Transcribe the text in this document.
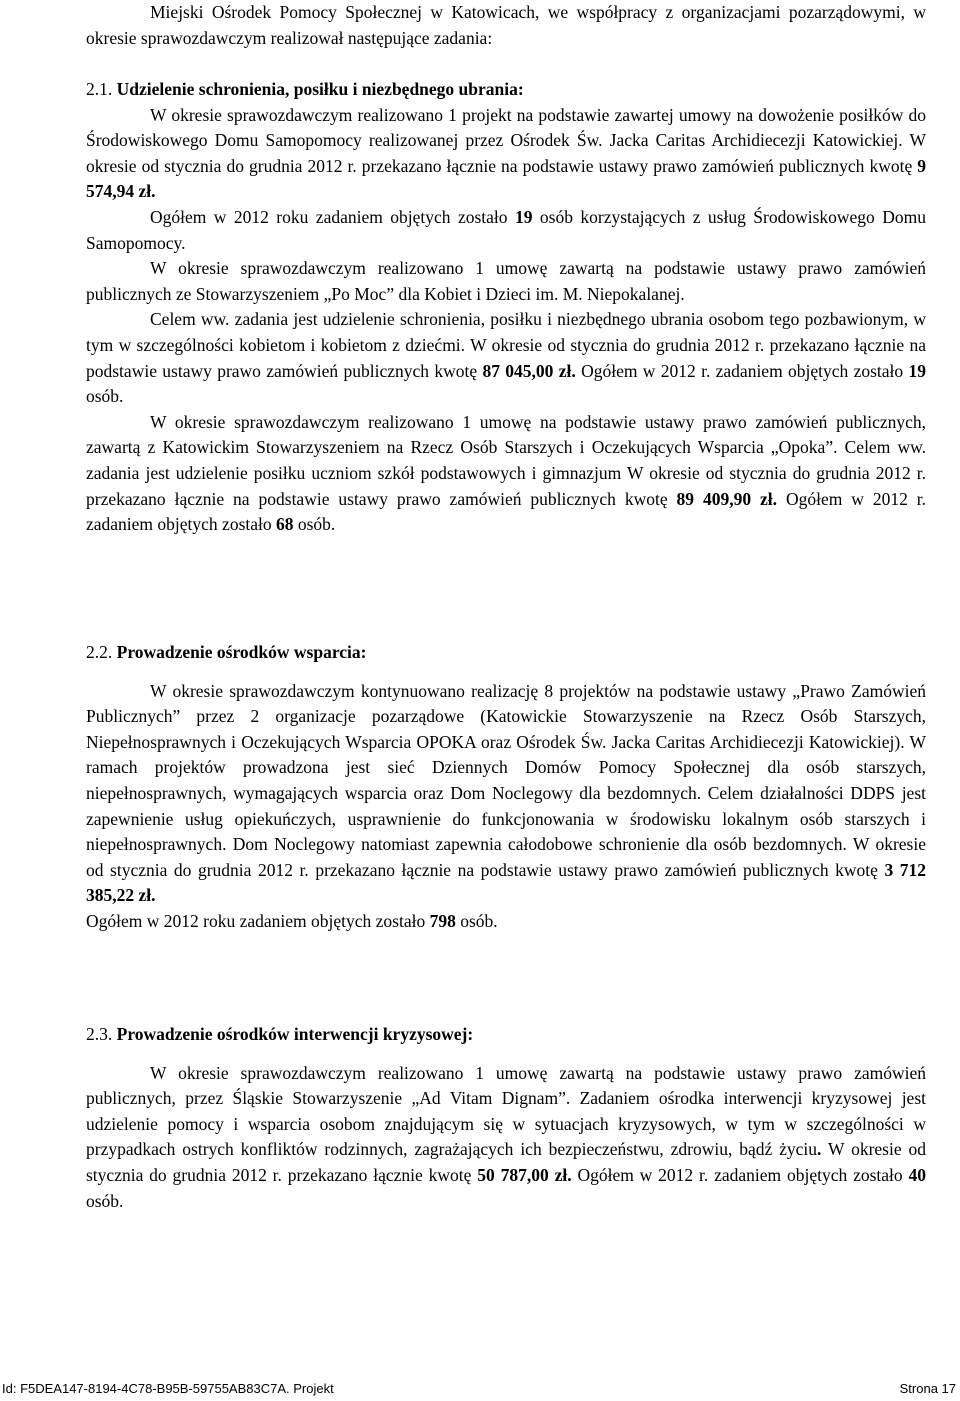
Miejski Ośrodek Pomocy Społecznej w Katowicach, we współpracy z organizacjami pozarządowymi, w okresie sprawozdawczym realizował następujące zadania:

2.1. Udzielenie schronienia, posiłku i niezbędnego ubrania:

W okresie sprawozdawczym realizowano 1 projekt na podstawie zawartej umowy na dowożenie posiłków do Środowiskowego Domu Samopomocy realizowanej przez Ośrodek Św. Jacka Caritas Archidiecezji Katowickiej. W okresie od stycznia do grudnia 2012 r. przekazano łącznie na podstawie ustawy prawo zamówień publicznych kwotę 9 574,94 zł.

Ogółem w 2012 roku zadaniem objętych zostało 19 osób korzystających z usług Środowiskowego Domu Samopomocy.

W okresie sprawozdawczym realizowano 1 umowę zawartą na podstawie ustawy prawo zamówień publicznych ze Stowarzyszeniem „Po Moc” dla Kobiet i Dzieci im. M. Niepokalanej.

Celem ww. zadania jest udzielenie schronienia, posiłku i niezbędnego ubrania osobom tego pozbawionym, w tym w szczególności kobietom i kobietom z dziećmi. W okresie od stycznia do grudnia 2012 r. przekazano łącznie na podstawie ustawy prawo zamówień publicznych kwotę 87 045,00 zł. Ogółem w 2012 r. zadaniem objętych zostało 19 osób.

W okresie sprawozdawczym realizowano 1 umowę na podstawie ustawy prawo zamówień publicznych, zawartą z Katowickim Stowarzyszeniem na Rzecz Osób Starszych i Oczekujących Wsparcia „Opoka”. Celem ww. zadania jest udzielenie posiłku uczniom szkół podstawowych i gimnazjum W okresie od stycznia do grudnia 2012 r. przekazano łącznie na podstawie ustawy prawo zamówień publicznych kwotę 89 409,90 zł. Ogółem w 2012 r. zadaniem objętych zostało 68 osób.

2.2. Prowadzenie ośrodków wsparcia:

W okresie sprawozdawczym kontynuowano realizację 8 projektów na podstawie ustawy „Prawo Zamówień Publicznych” przez 2 organizacje pozarządowe (Katowickie Stowarzyszenie na Rzecz Osób Starszych, Niepełnosprawnych i Oczekujących Wsparcia OPOKA oraz Ośrodek Św. Jacka Caritas Archidiecezji Katowickiej). W ramach projektów prowadzona jest sieć Dziennych Domów Pomocy Społecznej dla osób starszych, niepełnosprawnych, wymagających wsparcia oraz Dom Noclegowy dla bezdomnych. Celem działalności DDPS jest zapewnienie usług opiekuńczych, usprawnienie do funkcjonowania w środowisku lokalnym osób starszych i niepełnosprawnych. Dom Noclegowy natomiast zapewnia całodobowe schronienie dla osób bezdomnych. W okresie od stycznia do grudnia 2012 r. przekazano łącznie na podstawie ustawy prawo zamówień publicznych kwotę 3 712 385,22 zł.

Ogółem w 2012 roku zadaniem objętych zostało 798 osób.

2.3. Prowadzenie ośrodków interwencji kryzysowej:

W okresie sprawozdawczym realizowano 1 umowę zawartą na podstawie ustawy prawo zamówień publicznych, przez Śląskie Stowarzyszenie „Ad Vitam Dignam”. Zadaniem ośrodka interwencji kryzysowej jest udzielenie pomocy i wsparcia osobom znajdującym się w sytuacjach kryzysowych, w tym w szczególności w przypadkach ostrych konfliktów rodzinnych, zagrażających ich bezpieczeństwu, zdrowiu, bądź życiu. W okresie od stycznia do grudnia 2012 r. przekazano łącznie kwotę 50 787,00 zł. Ogółem w 2012 r. zadaniem objętych zostało 40 osób.

Id: F5DEA147-8194-4C78-B95B-59755AB83C7A. Projekt	Strona 17
